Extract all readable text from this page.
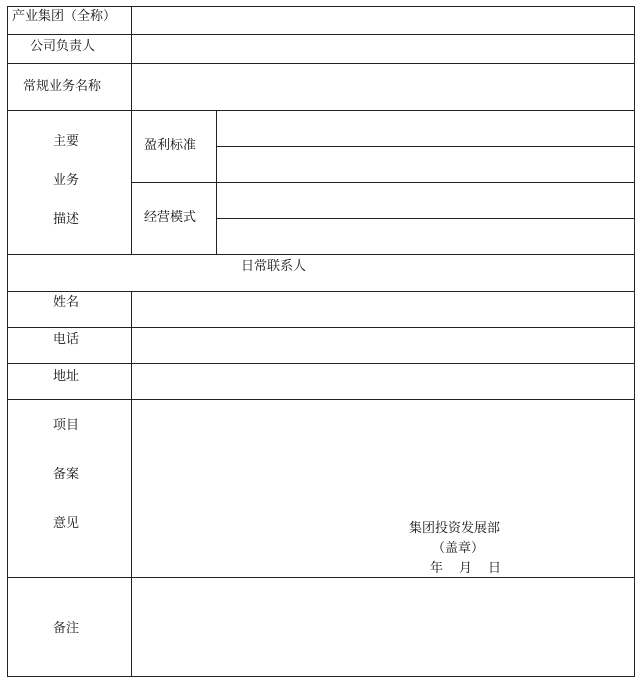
产业集团（全称）
公司负责人
常规业务名称
主要
业务
描述
盈利标准
经营模式
日常联系人
姓名
电话
地址
项目
备案
意见	集团投资发展部
（盖章）
年 月 日
备注
